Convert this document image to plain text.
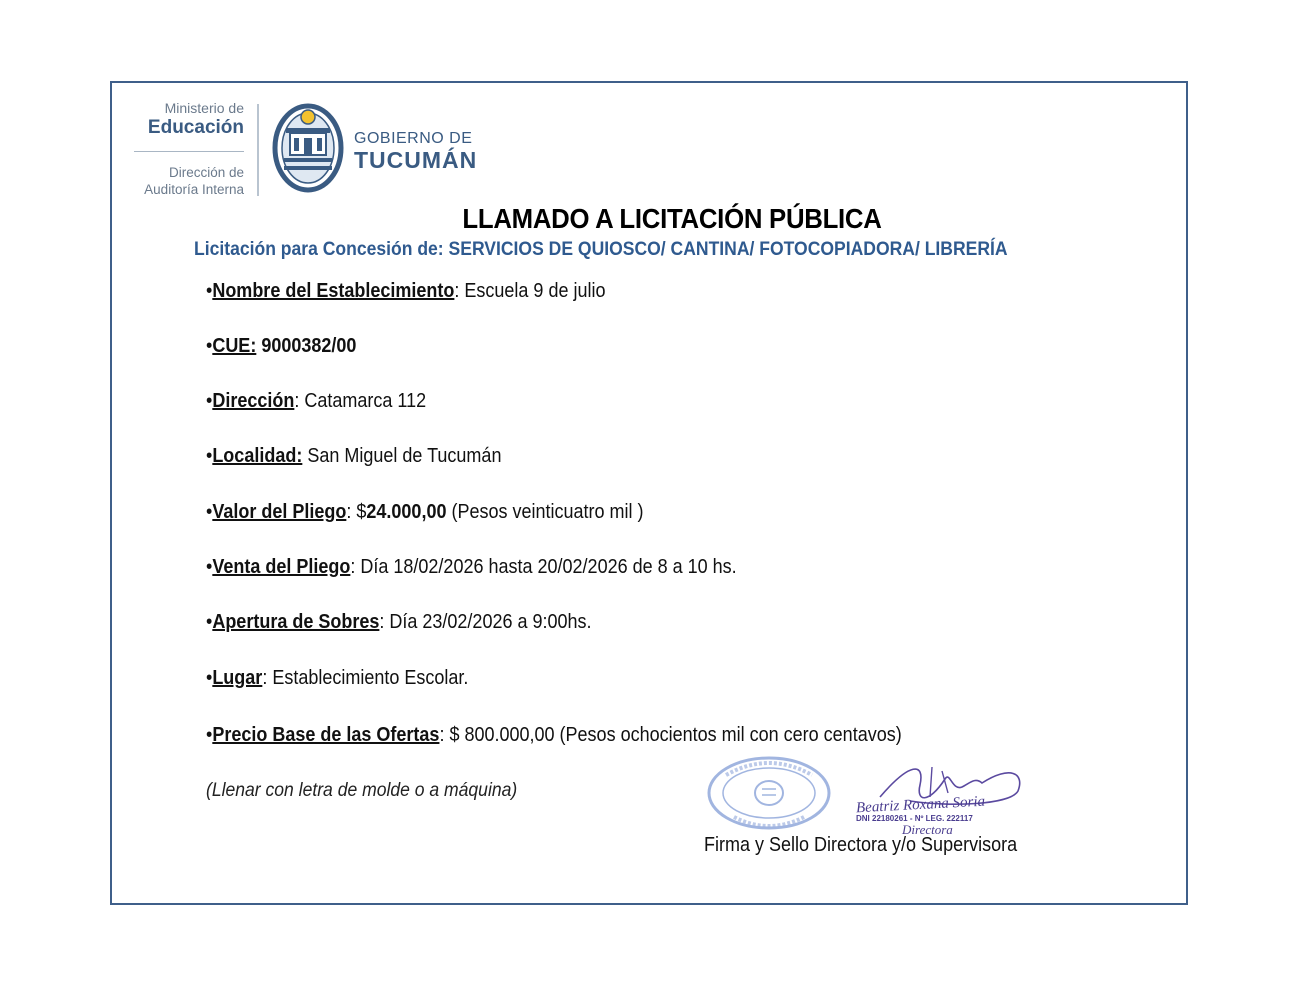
Ministerio de
Educación
Dirección de
Auditoría Interna
GOBIERNO DE
TUCUMÁN
LLAMADO A LICITACIÓN PÚBLICA
Licitación para Concesión de: SERVICIOS DE QUIOSCO/ CANTINA/ FOTOCOPIADORA/ LIBRERÍA
•Nombre del Establecimiento: Escuela 9 de julio
•CUE: 9000382/00
•Dirección: Catamarca 112
•Localidad: San Miguel de Tucumán
•Valor del Pliego: $24.000,00 (Pesos veinticuatro mil )
•Venta del Pliego: Día 18/02/2026 hasta 20/02/2026 de 8 a 10 hs.
•Apertura de Sobres: Día 23/02/2026 a 9:00hs.
•Lugar: Establecimiento Escolar.
•Precio Base de las Ofertas: $ 800.000,00 (Pesos ochocientos mil con cero centavos)
(Llenar con letra de molde o a máquina)
Beatriz Roxana Soria
DNI 22180261 - Nº LEG. 222117
Directora
Firma y Sello Directora y/o Supervisora
